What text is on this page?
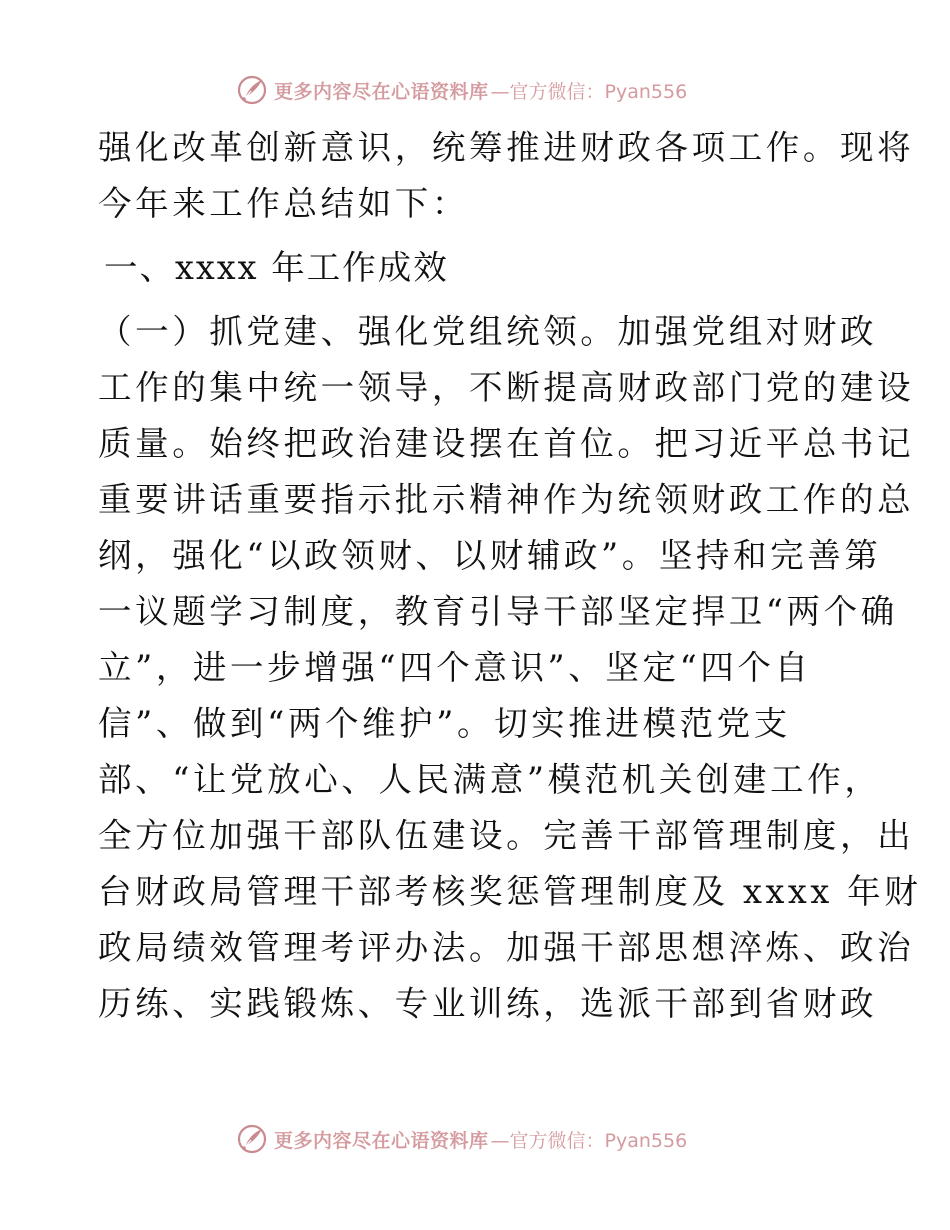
更多内容尽在心语资料库 —官方微信：Pyan556
强化改革创新意识，统筹推进财政各项工作。现将
今年来工作总结如下：
一、xxxx 年工作成效
（一）抓党建、强化党组统领。加强党组对财政
工作的集中统一领导，不断提高财政部门党的建设
质量。始终把政治建设摆在首位。把习近平总书记
重要讲话重要指示批示精神作为统领财政工作的总
纲，强化“以政领财、以财辅政”。坚持和完善第
一议题学习制度，教育引导干部坚定捍卫“两个确
立”，进一步增强“四个意识”、坚定“四个自
信”、做到“两个维护”。切实推进模范党支
部、“让党放心、人民满意”模范机关创建工作，
全方位加强干部队伍建设。完善干部管理制度，出
台财政局管理干部考核奖惩管理制度及 xxxx 年财
政局绩效管理考评办法。加强干部思想淬炼、政治
历练、实践锻炼、专业训练，选派干部到省财政
更多内容尽在心语资料库 —官方微信：Pyan556
